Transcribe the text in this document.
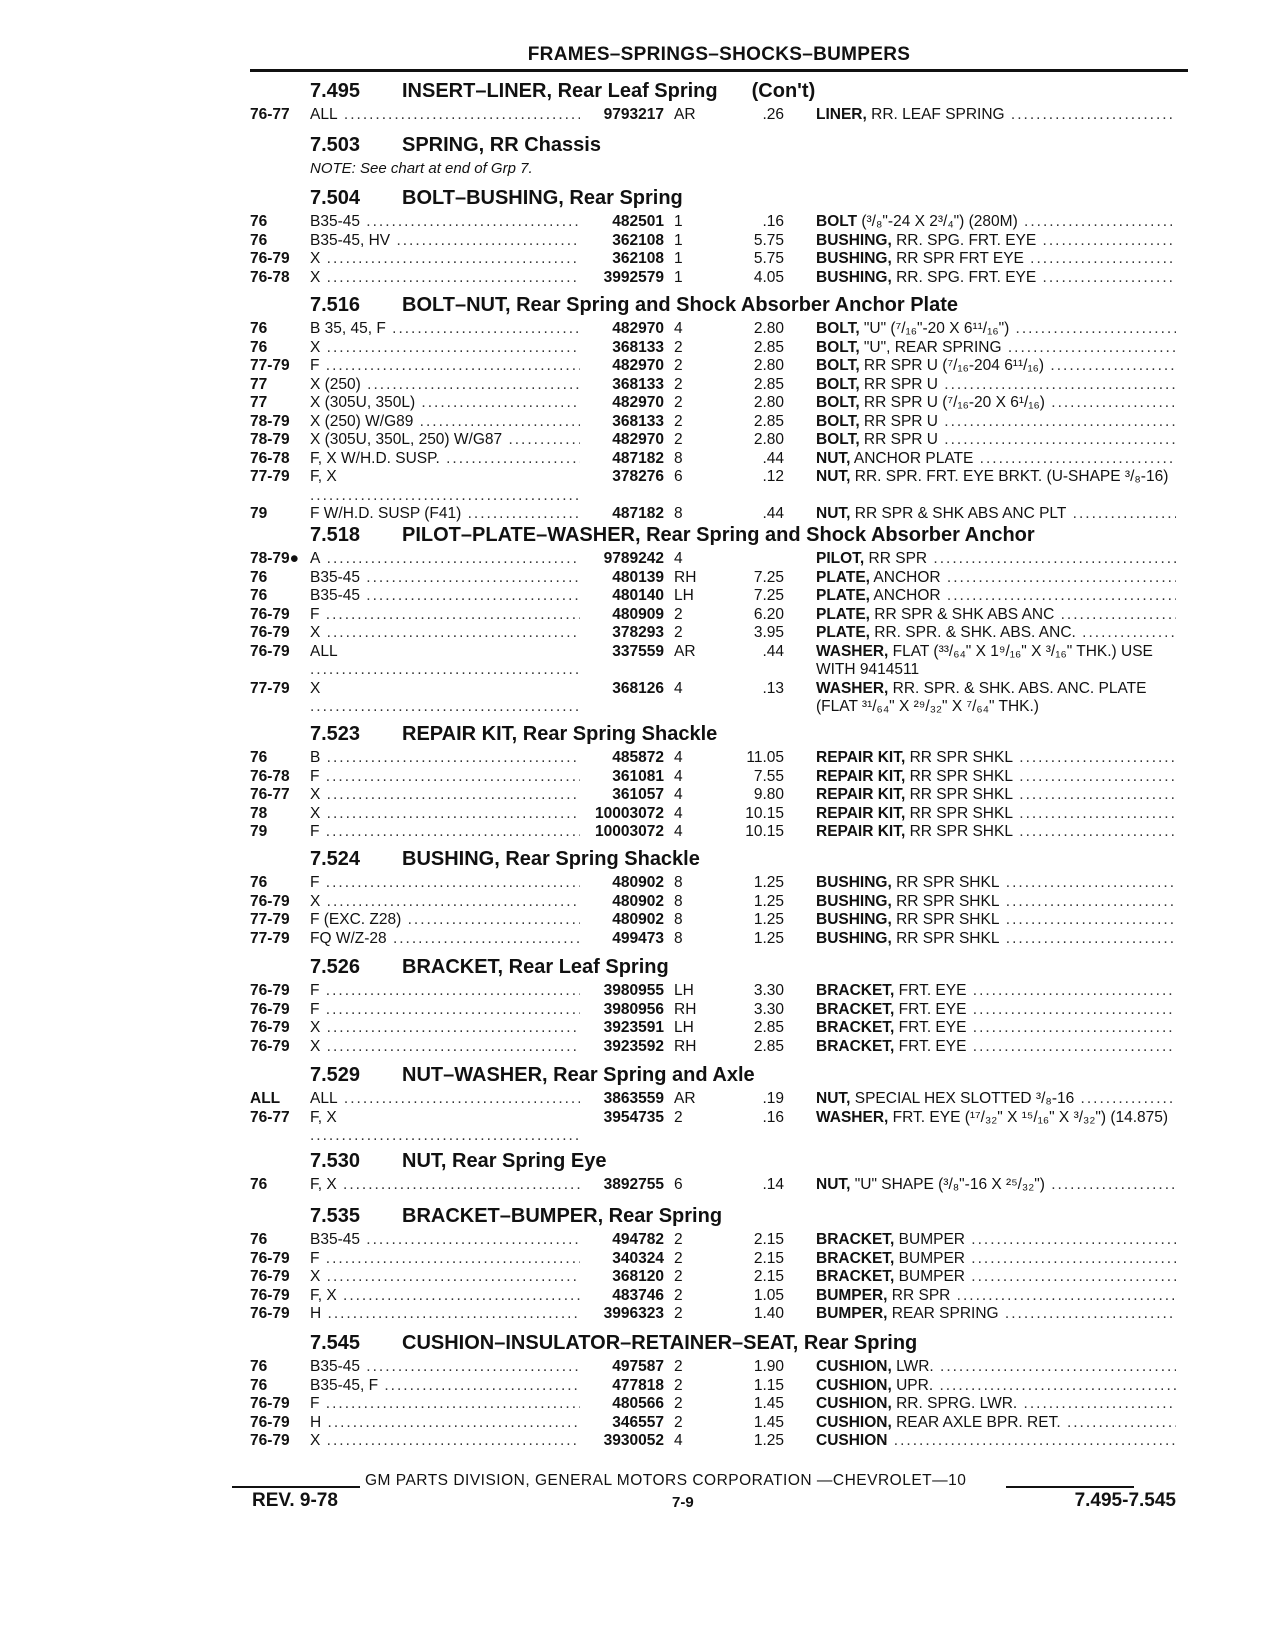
FRAMES–SPRINGS–SHOCKS–BUMPERS
7.495	INSERT–LINER, Rear Leaf Spring (Con't)
76-77	ALL .....	9793217 AR	.26 LINER, RR. LEAF SPRING .....
7.503	SPRING, RR Chassis
NOTE: See chart at end of Grp 7.
7.504	BOLT–BUSHING, Rear Spring
76	B35-45 .....	482501 1	.16 BOLT (³/₈"-24 X 2³/₄") (280M) .....
76	B35-45, HV .....	362108 1	5.75 BUSHING, RR. SPG. FRT. EYE .....
76-79	X .....	362108 1	5.75 BUSHING, RR SPR FRT EYE .....
76-78	X .....	3992579 1	4.05 BUSHING, RR. SPG. FRT. EYE .....
7.516	BOLT–NUT, Rear Spring and Shock Absorber Anchor Plate
76	B 35, 45, F .....	482970 4	2.80 BOLT, "U" (⁷/₁₆"-20 X 6¹¹/₁₆") .....
76	X .....	368133 2	2.85 BOLT, "U", REAR SPRING .....
77-79	F .....	482970 2	2.80 BOLT, RR SPR U (⁷/₁₆-204 6¹¹/₁₆) .....
77	X (250) .....	368133 2	2.85 BOLT, RR SPR U .....
77	X (305U, 350L) .....	482970 2	2.80 BOLT, RR SPR U (⁷/₁₆-20 X 6¹/₁₆) .....
78-79	X (250) W/G89 .....	368133 2	2.85 BOLT, RR SPR U .....
78-79	X (305U, 350L, 250) W/G87 .....	482970 2	2.80 BOLT, RR SPR U .....
76-78	F, X W/H.D. SUSP. .....	487182 8	.44 NUT, ANCHOR PLATE .....
77-79	F, X .....	378276 6	.12 NUT, RR. SPR. FRT. EYE BRKT. (U-SHAPE ³/₈-16)
79	F W/H.D. SUSP (F41) .....	487182 8	.44 NUT, RR SPR & SHK ABS ANC PLT .....
7.518	PILOT–PLATE–WASHER, Rear Spring and Shock Absorber Anchor
78-79● A .....	9789242 4	PILOT, RR SPR .....
76	B35-45 .....	480139 RH	7.25 PLATE, ANCHOR .....
76	B35-45 .....	480140 LH	7.25 PLATE, ANCHOR .....
76-79	F .....	480909 2	6.20 PLATE, RR SPR & SHK ABS ANC .....
76-79	X .....	378293 2	3.95 PLATE, RR. SPR. & SHK. ABS. ANC. .....
76-79	ALL .....	337559 AR	.44 WASHER, FLAT (³³/₆₄" X 1⁹/₁₆" X ³/₁₆" THK.) USE WITH 9414511
77-79	X .....	368126 4	.13 WASHER, RR. SPR. & SHK. ABS. ANC. PLATE (FLAT ³¹/₆₄" X ²⁹/₃₂" X ⁷/₆₄" THK.)
7.523	REPAIR KIT, Rear Spring Shackle
76	B .....	485872 4	11.05 REPAIR KIT, RR SPR SHKL .....
76-78	F .....	361081 4	7.55 REPAIR KIT, RR SPR SHKL .....
76-77	X .....	361057 4	9.80 REPAIR KIT, RR SPR SHKL .....
78	X .....	10003072 4	10.15 REPAIR KIT, RR SPR SHKL .....
79	F .....	10003072 4	10.15 REPAIR KIT, RR SPR SHKL .....
7.524	BUSHING, Rear Spring Shackle
76	F .....	480902 8	1.25 BUSHING, RR SPR SHKL .....
76-79	X .....	480902 8	1.25 BUSHING, RR SPR SHKL .....
77-79	F (EXC. Z28) .....	480902 8	1.25 BUSHING, RR SPR SHKL .....
77-79	FQ W/Z-28 .....	499473 8	1.25 BUSHING, RR SPR SHKL .....
7.526	BRACKET, Rear Leaf Spring
76-79	F .....	3980955 LH	3.30 BRACKET, FRT. EYE .....
76-79	F .....	3980956 RH	3.30 BRACKET, FRT. EYE .....
76-79	X .....	3923591 LH	2.85 BRACKET, FRT. EYE .....
76-79	X .....	3923592 RH	2.85 BRACKET, FRT. EYE .....
7.529	NUT–WASHER, Rear Spring and Axle
ALL	ALL .....	3863559 AR	.19 NUT, SPECIAL HEX SLOTTED ³/₈-16 .....
76-77	F, X .....	3954735 2	.16 WASHER, FRT. EYE (¹⁷/₃₂" X ¹⁵/₁₆" X ³/₃₂") (14.875)
7.530	NUT, Rear Spring Eye
76	F, X .....	3892755 6	.14 NUT, "U" SHAPE (³/₈"-16 X ²⁵/₃₂") .....
7.535	BRACKET–BUMPER, Rear Spring
76	B35-45 .....	494782 2	2.15 BRACKET, BUMPER .....
76-79	F .....	340324 2	2.15 BRACKET, BUMPER .....
76-79	X .....	368120 2	2.15 BRACKET, BUMPER .....
76-79	F, X .....	483746 2	1.05 BUMPER, RR SPR .....
76-79	H .....	3996323 2	1.40 BUMPER, REAR SPRING .....
7.545	CUSHION–INSULATOR–RETAINER–SEAT, Rear Spring
76	B35-45 .....	497587 2	1.90 CUSHION, LWR. .....
76	B35-45, F .....	477818 2	1.15 CUSHION, UPR. .....
76-79	F .....	480566 2	1.45 CUSHION, RR. SPRG. LWR. .....
76-79	H .....	346557 2	1.45 CUSHION, REAR AXLE BPR. RET. .....
76-79	X .....	3930052 4	1.25 CUSHION .....
GM PARTS DIVISION, GENERAL MOTORS CORPORATION —CHEVROLET—10
REV. 9-78	7-9	7.495-7.545
